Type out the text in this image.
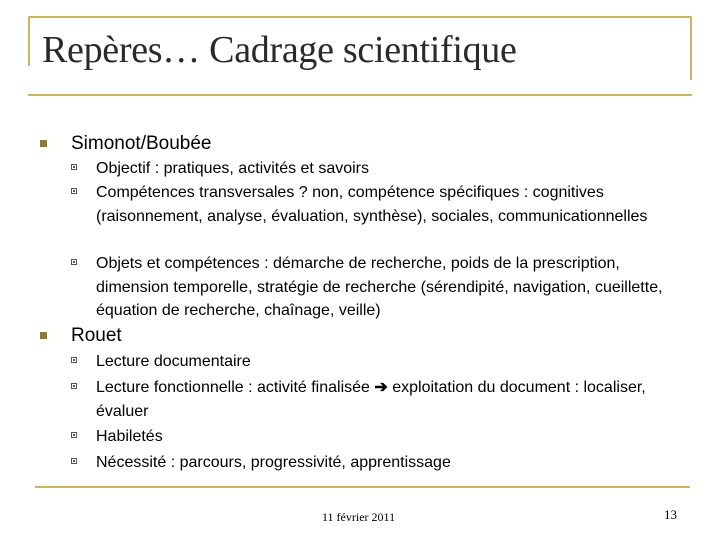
Repères… Cadrage scientifique
Simonot/Boubée
Objectif : pratiques, activités et savoirs
Compétences transversales ? non, compétence spécifiques : cognitives (raisonnement, analyse, évaluation, synthèse), sociales, communicationnelles
Objets et compétences : démarche de recherche, poids de la prescription, dimension temporelle, stratégie de recherche (sérendipité, navigation, cueillette, équation de recherche, chaînage, veille)
Rouet
Lecture documentaire
Lecture fonctionnelle : activité finalisée ➔ exploitation du document : localiser, évaluer
Habiletés
Nécessité : parcours, progressivité, apprentissage
11 février 2011	13
